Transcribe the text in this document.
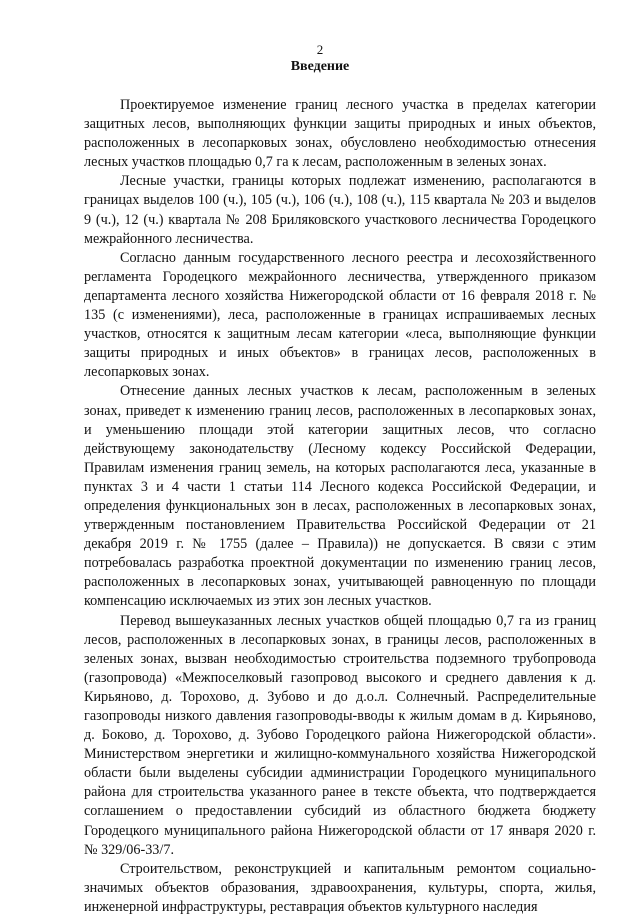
2
Введение

Проектируемое изменение границ лесного участка в пределах категории защитных лесов, выполняющих функции защиты природных и иных объектов, расположенных в лесопарковых зонах, обусловлено необходимостью отнесения лесных участков площадью 0,7 га к лесам, расположенным в зеленых зонах.

Лесные участки, границы которых подлежат изменению, располагаются в границах выделов 100 (ч.), 105 (ч.), 106 (ч.), 108 (ч.), 115 квартала № 203 и выделов 9 (ч.), 12 (ч.) квартала № 208 Бриляковского участкового лесничества Городецкого межрайонного лесничества.

Согласно данным государственного лесного реестра и лесохозяйственного регламента Городецкого межрайонного лесничества, утвержденного приказом департамента лесного хозяйства Нижегородской области от 16 февраля 2018 г. № 135 (с изменениями), леса, расположенные в границах испрашиваемых лесных участков, относятся к защитным лесам категории «леса, выполняющие функции защиты природных и иных объектов» в границах лесов, расположенных в лесопарковых зонах.

Отнесение данных лесных участков к лесам, расположенным в зеленых зонах, приведет к изменению границ лесов, расположенных в лесопарковых зонах, и уменьшению площади этой категории защитных лесов, что согласно действующему законодательству (Лесному кодексу Российской Федерации, Правилам изменения границ земель, на которых располагаются леса, указанные в пунктах 3 и 4 части 1 статьи 114 Лесного кодекса Российской Федерации, и определения функциональных зон в лесах, расположенных в лесопарковых зонах, утвержденным постановлением Правительства Российской Федерации от 21 декабря 2019 г. № 1755 (далее – Правила)) не допускается. В связи с этим потребовалась разработка проектной документации по изменению границ лесов, расположенных в лесопарковых зонах, учитывающей равноценную по площади компенсацию исключаемых из этих зон лесных участков.

Перевод вышеуказанных лесных участков общей площадью 0,7 га из границ лесов, расположенных в лесопарковых зонах, в границы лесов, расположенных в зеленых зонах, вызван необходимостью строительства подземного трубопровода (газопровода) «Межпоселковый газопровод высокого и среднего давления к д. Кирьяново, д. Торохово, д. Зубово и до д.о.л. Солнечный. Распределительные газопроводы низкого давления газопроводы-вводы к жилым домам в д. Кирьяново, д. Боково, д. Торохово, д. Зубово Городецкого района Нижегородской области». Министерством энергетики и жилищно-коммунального хозяйства Нижегородской области были выделены субсидии администрации Городецкого муниципального района для строительства указанного ранее в тексте объекта, что подтверждается соглашением о предоставлении субсидий из областного бюджета бюджету Городецкого муниципального района Нижегородской области от 17 января 2020 г. № 329/06-33/7.

Строительством, реконструкцией и капитальным ремонтом социально-значимых объектов образования, здравоохранения, культуры, спорта, жилья, инженерной инфраструктуры, реставрация объектов культурного наследия
